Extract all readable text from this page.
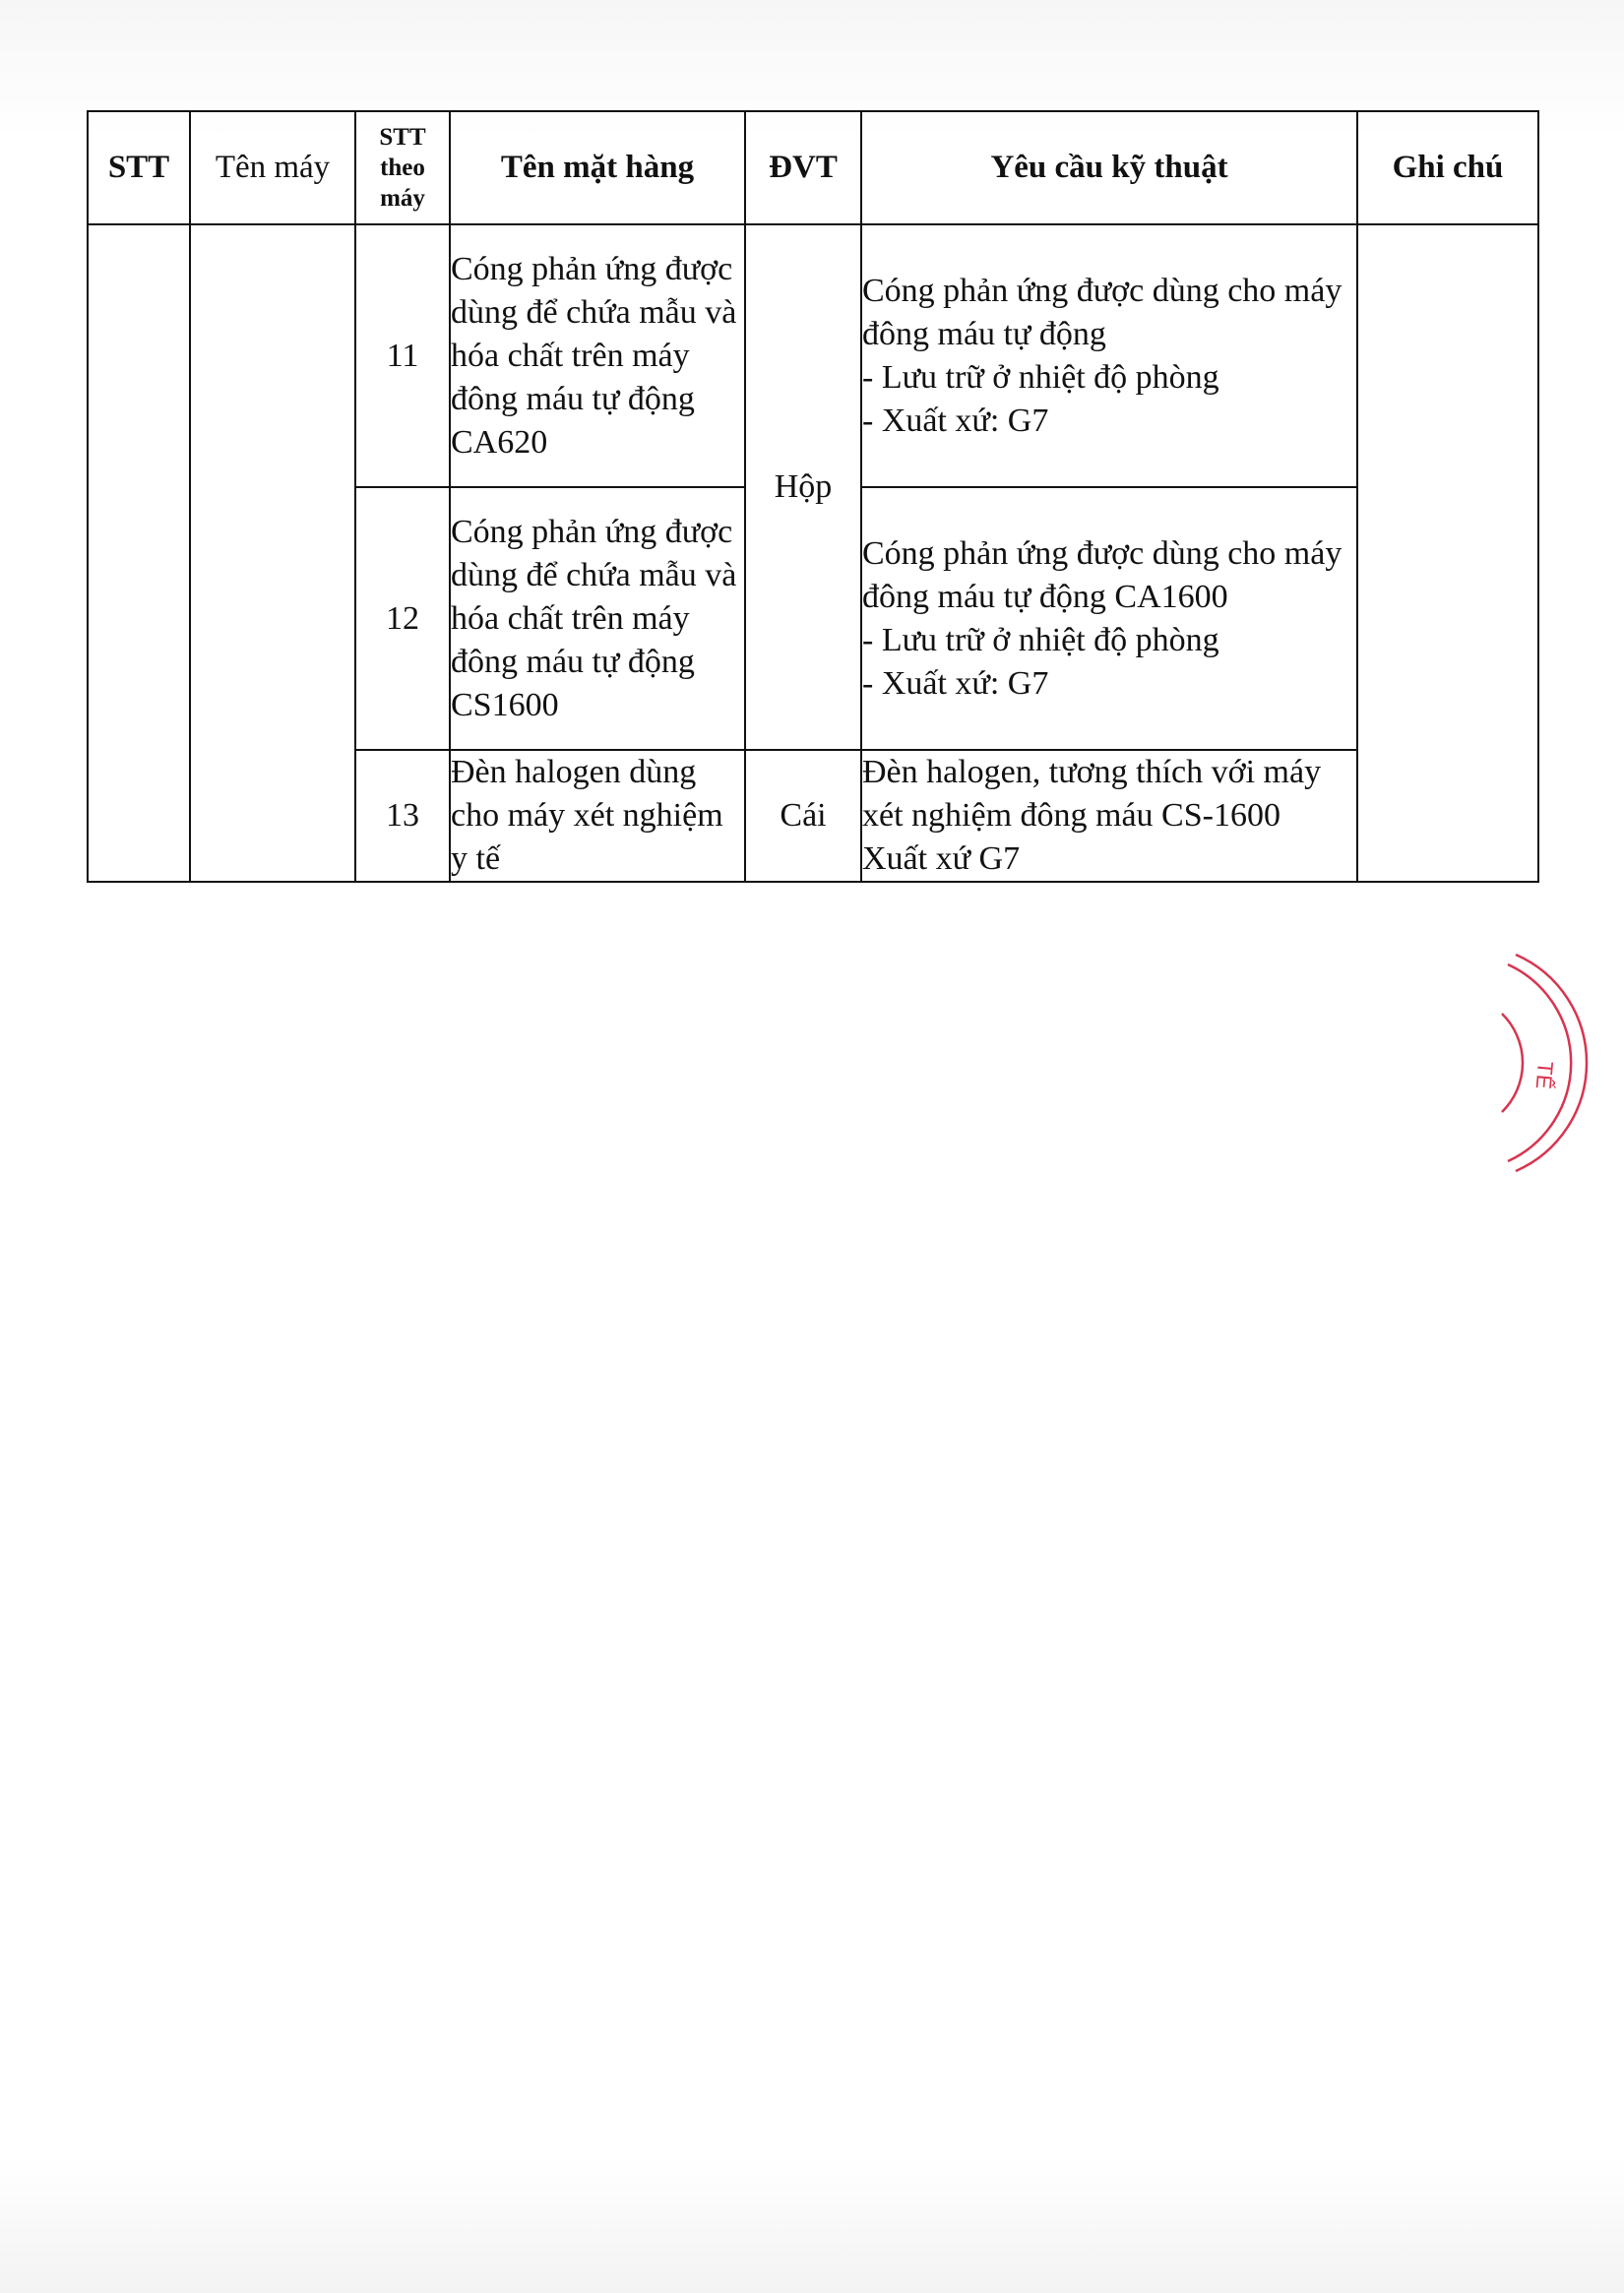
STT	Tên máy	STT theo máy	Tên mặt hàng	ĐVT	Yêu cầu kỹ thuật	Ghi chú
		11	Cóng phản ứng được dùng để chứa mẫu và hóa chất trên máy đông máu tự động CA620	Hộp	Cóng phản ứng được dùng cho máy
đông máu tự động
- Lưu trữ ở nhiệt độ phòng
- Xuất xứ: G7	

		12	Cóng phản ứng được dùng để chứa mẫu và hóa chất trên máy đông máu tự động CS1600		Cóng phản ứng được dùng cho máy
đông máu tự động CA1600
- Lưu trữ ở nhiệt độ phòng
- Xuất xứ: G7	

		13	Đèn halogen dùng cho máy xét nghiệm y tế	Cái	Đèn halogen, tương thích với máy
xét nghiệm đông máu CS-1600
Xuất xứ G7	
TẾ
